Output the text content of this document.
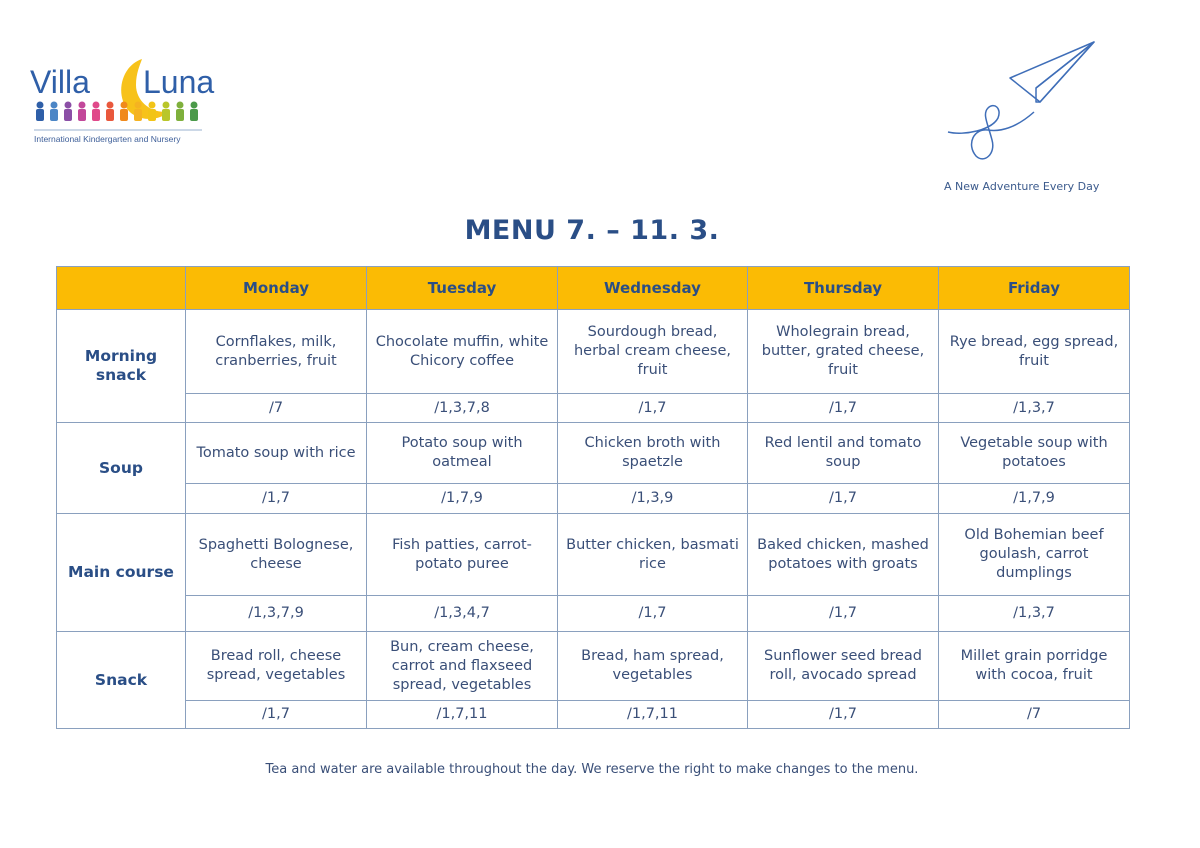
Villa Luna
International Kindergarten and Nursery
A New Adventure Every Day
MENU 7. – 11. 3.
	Monday	Tuesday	Wednesday	Thursday	Friday

Morning snack	Cornflakes, milk, cranberries, fruit	Chocolate muffin, white Chicory coffee	Sourdough bread, herbal cream cheese, fruit	Wholegrain bread, butter, grated cheese, fruit	Rye bread, egg spread, fruit
	/7	/1,3,7,8	/1,7	/1,7	/1,3,7
Soup	Tomato soup with rice	Potato soup with oatmeal	Chicken broth with spaetzle	Red lentil and tomato soup	Vegetable soup with potatoes
	/1,7	/1,7,9	/1,3,9	/1,7	/1,7,9
Main course	Spaghetti Bolognese, cheese	Fish patties, carrot-potato puree	Butter chicken, basmati rice	Baked chicken, mashed potatoes with groats	Old Bohemian beef goulash, carrot dumplings
	/1,3,7,9	/1,3,4,7	/1,7	/1,7	/1,3,7
Snack	Bread roll, cheese spread, vegetables	Bun, cream cheese, carrot and flaxseed spread, vegetables	Bread, ham spread, vegetables	Sunflower seed bread roll, avocado spread	Millet grain porridge with cocoa, fruit
	/1,7	/1,7,11	/1,7,11	/1,7	/7
Tea and water are available throughout the day. We reserve the right to make changes to the menu.
